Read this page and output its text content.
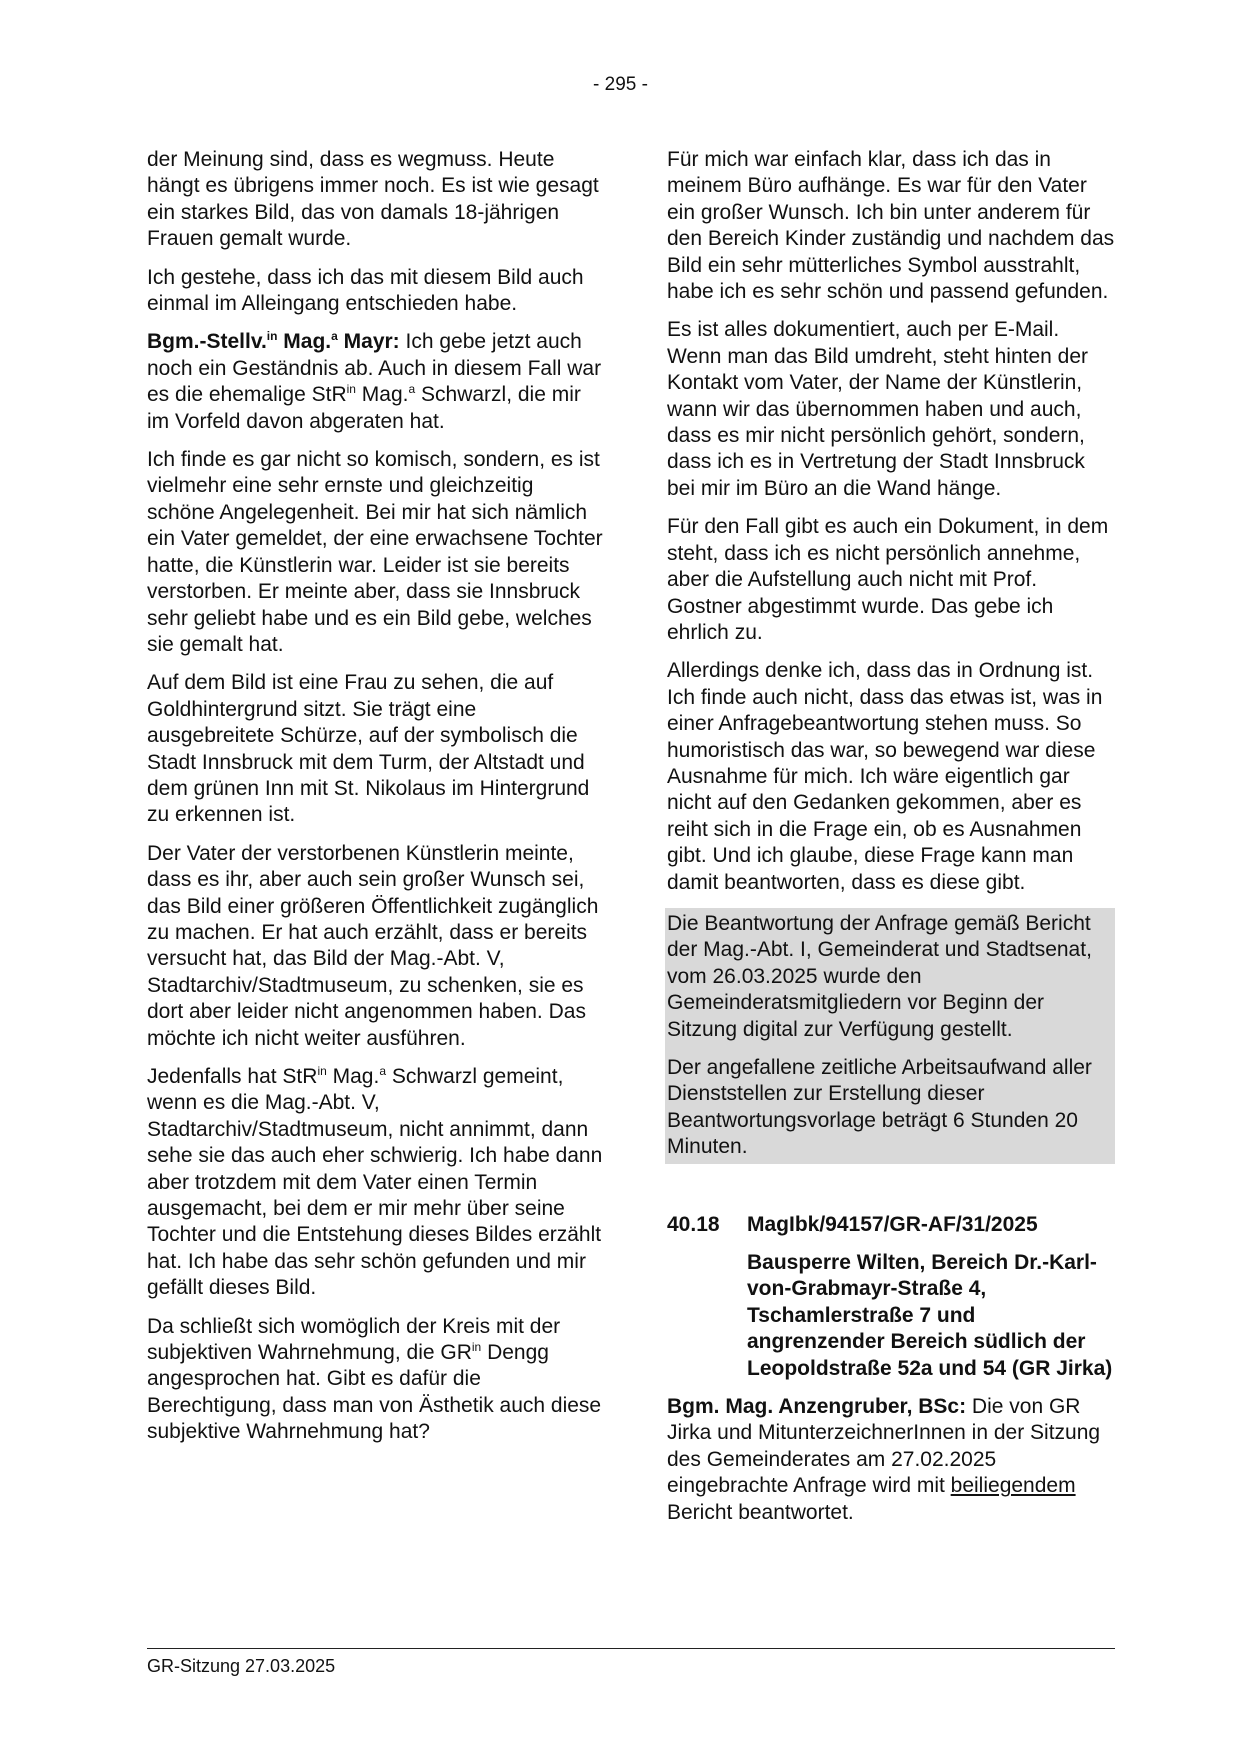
- 295 -

der Meinung sind, dass es wegmuss. Heute hängt es übrigens immer noch. Es ist wie gesagt ein starkes Bild, das von damals 18-jährigen Frauen gemalt wurde.

Ich gestehe, dass ich das mit diesem Bild auch einmal im Alleingang entschieden habe.

Bgm.-Stellv.$^{in}$ Mag.$^a$ Mayr: Ich gebe jetzt auch noch ein Geständnis ab. Auch in diesem Fall war es die ehemalige StR$^{in}$ Mag.$^a$ Schwarzl, die mir im Vorfeld davon abgeraten hat.

Ich finde es gar nicht so komisch, sondern, es ist vielmehr eine sehr ernste und gleichzeitig schöne Angelegenheit. Bei mir hat sich nämlich ein Vater gemeldet, der eine erwachsene Tochter hatte, die Künstlerin war. Leider ist sie bereits verstorben. Er meinte aber, dass sie Innsbruck sehr geliebt habe und es ein Bild gebe, welches sie gemalt hat.

Auf dem Bild ist eine Frau zu sehen, die auf Goldhintergrund sitzt. Sie trägt eine ausgebreitete Schürze, auf der symbolisch die Stadt Innsbruck mit dem Turm, der Altstadt und dem grünen Inn mit St. Nikolaus im Hintergrund zu erkennen ist.

Der Vater der verstorbenen Künstlerin meinte, dass es ihr, aber auch sein großer Wunsch sei, das Bild einer größeren Öffentlichkeit zugänglich zu machen. Er hat auch erzählt, dass er bereits versucht hat, das Bild der Mag.-Abt. V, Stadtarchiv/Stadtmuseum, zu schenken, sie es dort aber leider nicht angenommen haben. Das möchte ich nicht weiter ausführen.

Jedenfalls hat StR$^{in}$ Mag.$^a$ Schwarzl gemeint, wenn es die Mag.-Abt. V, Stadtarchiv/Stadtmuseum, nicht annimmt, dann sehe sie das auch eher schwierig. Ich habe dann aber trotzdem mit dem Vater einen Termin ausgemacht, bei dem er mir mehr über seine Tochter und die Entstehung dieses Bildes erzählt hat. Ich habe das sehr schön gefunden und mir gefällt dieses Bild.

Da schließt sich womöglich der Kreis mit der subjektiven Wahrnehmung, die $GR^{in}$ Dengg angesprochen hat. Gibt es dafür die Berechtigung, dass man von Ästhetik auch diese subjektive Wahrnehmung hat?

Für mich war einfach klar, dass ich das in meinem Büro aufhänge. Es war für den Vater ein großer Wunsch. Ich bin unter anderem für den Bereich Kinder zuständig und nachdem das Bild ein sehr mütterliches Symbol ausstrahlt, habe ich es sehr schön und passend gefunden.

Es ist alles dokumentiert, auch per E-Mail. Wenn man das Bild umdreht, steht hinten der Kontakt vom Vater, der Name der Künstlerin, wann wir das übernommen haben und auch, dass es mir nicht persönlich gehört, sondern, dass ich es in Vertretung der Stadt Innsbruck bei mir im Büro an die Wand hänge.

Für den Fall gibt es auch ein Dokument, in dem steht, dass ich es nicht persönlich annehme, aber die Aufstellung auch nicht mit Prof. Gostner abgestimmt wurde. Das gebe ich ehrlich zu.

Allerdings denke ich, dass das in Ordnung ist. Ich finde auch nicht, dass das etwas ist, was in einer Anfragebeantwortung stehen muss. So humoristisch das war, so bewegend war diese Ausnahme für mich. Ich wäre eigentlich gar nicht auf den Gedanken gekommen, aber es reiht sich in die Frage ein, ob es Ausnahmen gibt. Und ich glaube, diese Frage kann man damit beantworten, dass es diese gibt.

Die Beantwortung der Anfrage gemäß Bericht der Mag.-Abt. I, Gemeinderat und Stadtsenat, vom 26.03.2025 wurde den Gemeinderatsmitgliedern vor Beginn der Sitzung digital zur Verfügung gestellt.

Der angefallene zeitliche Arbeitsaufwand aller Dienststellen zur Erstellung dieser Beantwortungsvorlage beträgt 6 Stunden 20 Minuten.

40.18	MagIbk/94157/GR-AF/31/2025
Bausperre Wilten, Bereich Dr.-Karl-von-Grabmayr-Straße 4, Tschamlerstraße 7 und angrenzender Bereich südlich der Leopoldstraße 52a und 54 (GR Jirka)

Bgm. Mag. Anzengruber, BSc: Die von GR Jirka und MitunterzeichnerInnen in der Sitzung des Gemeinderates am 27.02.2025 eingebrachte Anfrage wird mit beiliegendem Bericht beantwortet.

GR-Sitzung 27.03.2025
